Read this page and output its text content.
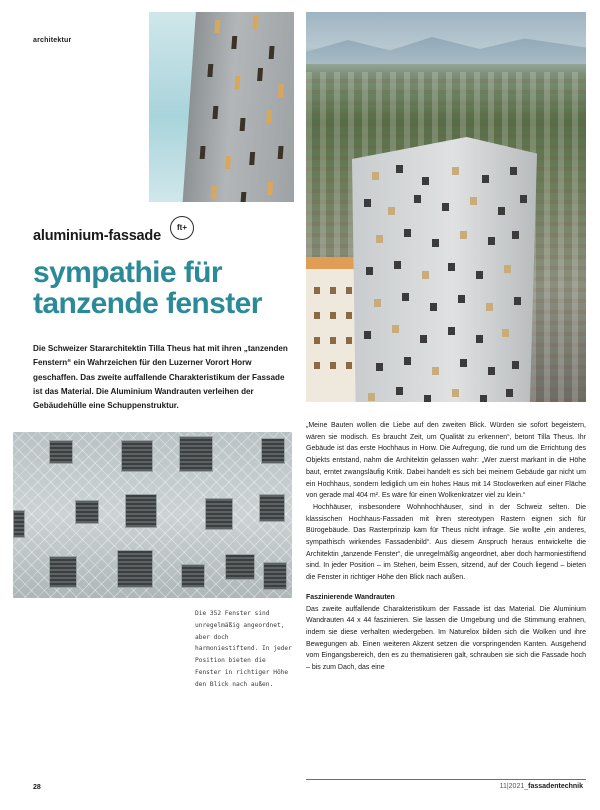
architektur
aluminium-fassade
ft+
sympathie für tanzende fenster
Die Schweizer Stararchitektin Tilla Theus hat mit ihren „tanzenden Fenstern“ ein Wahrzeichen für den Luzerner Vorort Horw geschaffen. Das zweite auffallende Charakteristikum der Fassade ist das Material. Die Aluminium Wandrauten verleihen der Gebäudehülle eine Schuppenstruktur.
Die 352 Fenster sind unregelmäßig angeordnet, aber doch harmoniestiftend. In jeder Position bieten die Fenster in richtiger Höhe den Blick nach außen.

„Meine Bauten wollen die Liebe auf den zweiten Blick. Würden sie sofort begeistern, wären sie modisch. Es braucht Zeit, um Qualität zu erkennen“, betont Tilla Theus. Ihr Gebäude ist das erste Hochhaus in Horw. Die Aufregung, die rund um die Errichtung des Objekts entstand, nahm die Architektin gelassen wahr: „Wer zuerst markant in die Höhe baut, erntet zwangsläufig Kritik. Dabei handelt es sich bei meinem Gebäude gar nicht um ein Hochhaus, sondern lediglich um ein hohes Haus mit 14 Stockwerken auf einer Fläche von gerade mal 404 m². Es wäre für einen Wolkenkratzer viel zu klein.“

Hochhäuser, insbesondere Wohnhochhäuser, sind in der Schweiz selten. Die klassischen Hochhaus-Fassaden mit ihren stereotypen Rastern eignen sich für Bürogebäude. Das Rasterprinzip kam für Theus nicht infrage. Sie wollte „ein anderes, sympathisch wirkendes Fassadenbild“. Aus diesem Anspruch heraus entwickelte die Architektin „tanzende Fenster“, die unregelmäßig angeordnet, aber doch harmoniestiftend sind. In jeder Position – im Stehen, beim Essen, sitzend, auf der Couch liegend – bieten die Fenster in richtiger Höhe den Blick nach außen.

Faszinierende Wandrauten

Das zweite auffallende Charakteristikum der Fassade ist das Material. Die Aluminium Wandrauten 44 x 44 faszinieren. Sie lassen die Umgebung und die Stimmung erahnen, indem sie diese verhalten wiedergeben. Im Naturelox bilden sich die Wolken und ihre Bewegungen ab. Einen weiteren Akzent setzen die vorspringenden Kanten. Ausgehend vom Eingangsbereich, den es zu thematisieren galt, schrauben sie sich die Fassade hoch – bis zum Dach, das eine

28	11|2021_fassadentechnik
